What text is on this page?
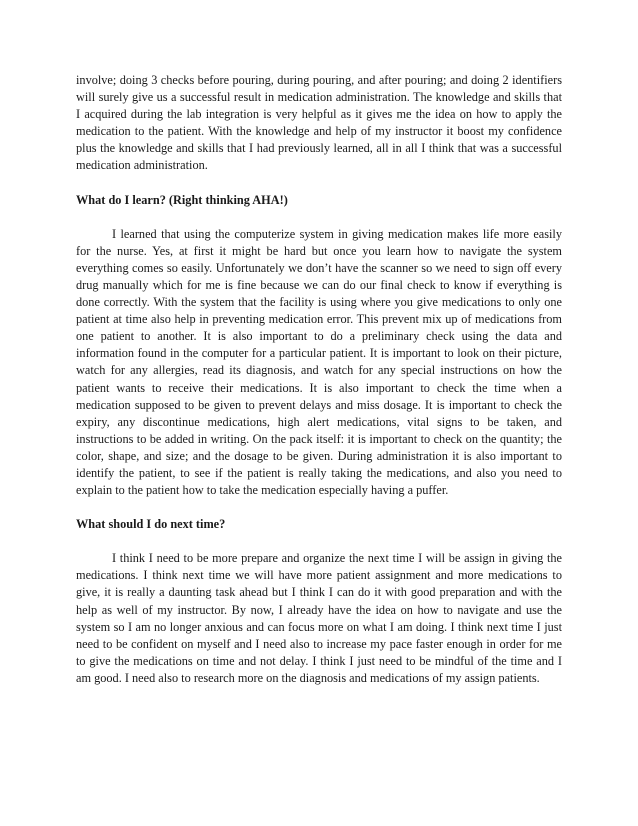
involve; doing 3 checks before pouring, during pouring, and after pouring; and doing 2 identifiers will surely give us a successful result in medication administration. The knowledge and skills that I acquired during the lab integration is very helpful as it gives me the idea on how to apply the medication to the patient. With the knowledge and help of my instructor it boost my confidence plus the knowledge and skills that I had previously learned, all in all I think that was a successful medication administration.

What do I learn? (Right thinking AHA!)

I learned that using the computerize system in giving medication makes life more easily for the nurse. Yes, at first it might be hard but once you learn how to navigate the system everything comes so easily. Unfortunately we don’t have the scanner so we need to sign off every drug manually which for me is fine because we can do our final check to know if everything is done correctly. With the system that the facility is using where you give medications to only one patient at time also help in preventing medication error. This prevent mix up of medications from one patient to another. It is also important to do a preliminary check using the data and information found in the computer for a particular patient. It is important to look on their picture, watch for any allergies, read its diagnosis, and watch for any special instructions on how the patient wants to receive their medications. It is also important to check the time when a medication supposed to be given to prevent delays and miss dosage. It is important to check the expiry, any discontinue medications, high alert medications, vital signs to be taken, and instructions to be added in writing. On the pack itself: it is important to check on the quantity; the color, shape, and size; and the dosage to be given. During administration it is also important to identify the patient, to see if the patient is really taking the medications, and also you need to explain to the patient how to take the medication especially having a puffer.

What should I do next time?

I think I need to be more prepare and organize the next time I will be assign in giving the medications. I think next time we will have more patient assignment and more medications to give, it is really a daunting task ahead but I think I can do it with good preparation and with the help as well of my instructor. By now, I already have the idea on how to navigate and use the system so I am no longer anxious and can focus more on what I am doing. I think next time I just need to be confident on myself and I need also to increase my pace faster enough in order for me to give the medications on time and not delay. I think I just need to be mindful of the time and I am good. I need also to research more on the diagnosis and medications of my assign patients.
